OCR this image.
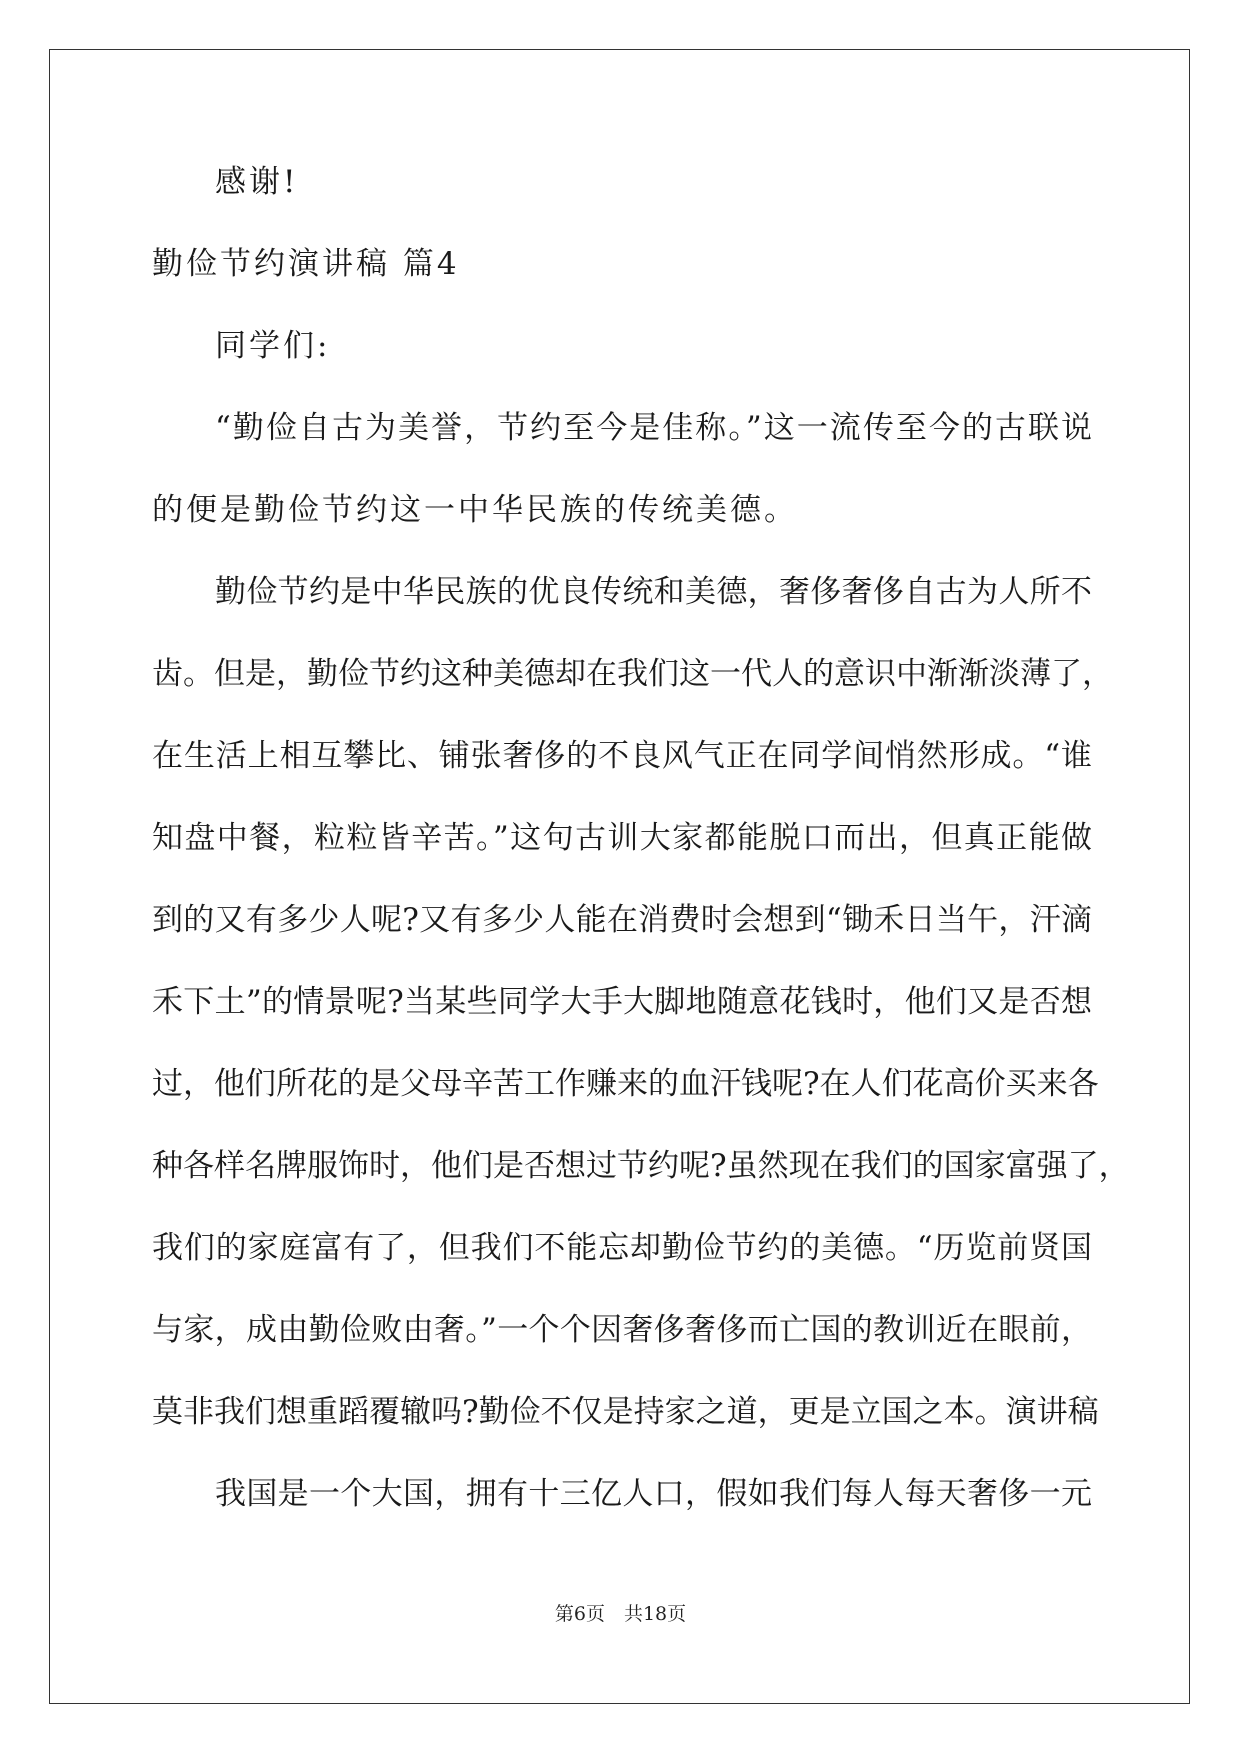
感谢!
勤俭节约演讲稿 篇4
同学们:
“勤俭自古为美誉，节约至今是佳称。”这一流传至今的古联说
的便是勤俭节约这一中华民族的传统美德。
勤俭节约是中华民族的优良传统和美德，奢侈奢侈自古为人所不
齿。但是，勤俭节约这种美德却在我们这一代人的意识中渐渐淡薄了，
在生活上相互攀比、铺张奢侈的不良风气正在同学间悄然形成。“谁
知盘中餐，粒粒皆辛苦。”这句古训大家都能脱口而出，但真正能做
到的又有多少人呢?又有多少人能在消费时会想到“锄禾日当午，汗滴
禾下土”的情景呢?当某些同学大手大脚地随意花钱时，他们又是否想
过，他们所花的是父母辛苦工作赚来的血汗钱呢?在人们花高价买来各
种各样名牌服饰时，他们是否想过节约呢?虽然现在我们的国家富强了，
我们的家庭富有了，但我们不能忘却勤俭节约的美德。“历览前贤国
与家，成由勤俭败由奢。”一个个因奢侈奢侈而亡国的教训近在眼前，
莫非我们想重蹈覆辙吗?勤俭不仅是持家之道，更是立国之本。演讲稿
我国是一个大国，拥有十三亿人口，假如我们每人每天奢侈一元
第6页　共18页
